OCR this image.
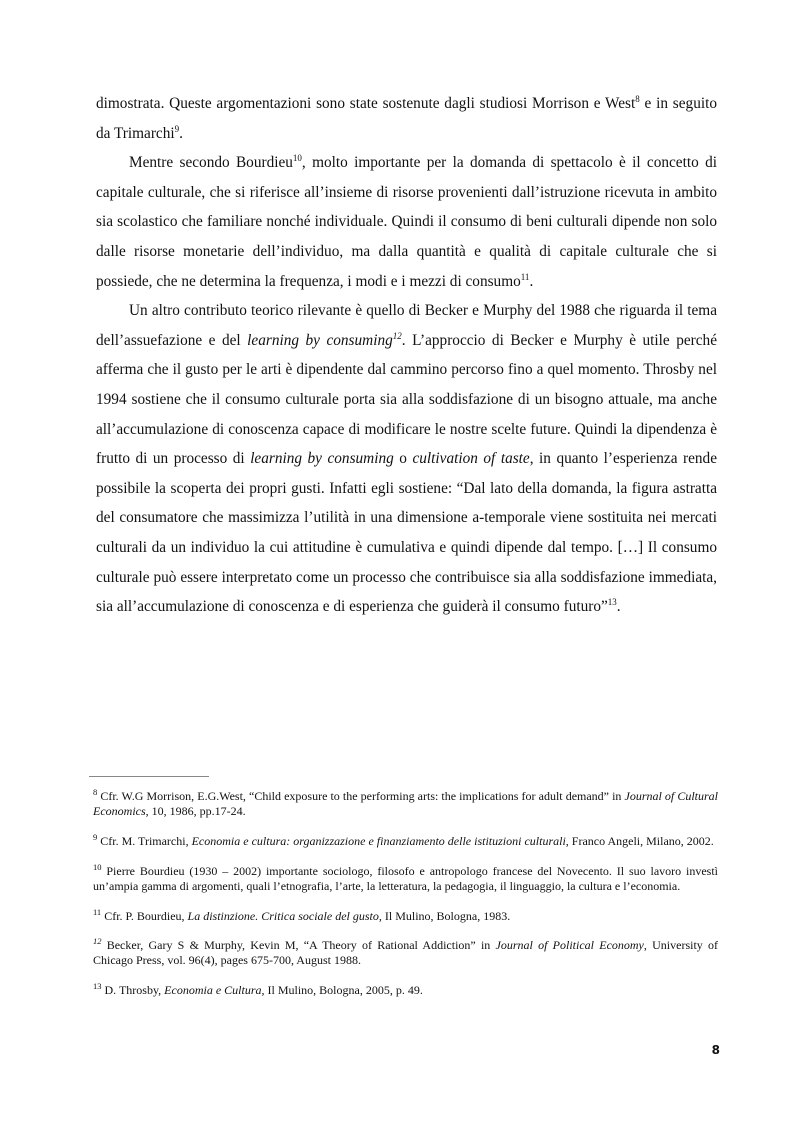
dimostrata. Queste argomentazioni sono state sostenute dagli studiosi Morrison e West$^8$ e in seguito da Trimarchi$^9$.

Mentre secondo Bourdieu$^{10}$, molto importante per la domanda di spettacolo è il concetto di capitale culturale, che si riferisce all’insieme di risorse provenienti dall’istruzione ricevuta in ambito sia scolastico che familiare nonché individuale. Quindi il consumo di beni culturali dipende non solo dalle risorse monetarie dell’individuo, ma dalla quantità e qualità di capitale culturale che si possiede, che ne determina la frequenza, i modi e i mezzi di consumo$^{11}$.

Un altro contributo teorico rilevante è quello di Becker e Murphy del 1988 che riguarda il tema dell’assuefazione e del learning by consuming$^{12}$. L’approccio di Becker e Murphy è utile perché afferma che il gusto per le arti è dipendente dal cammino percorso fino a quel momento. Throsby nel 1994 sostiene che il consumo culturale porta sia alla soddisfazione di un bisogno attuale, ma anche all’accumulazione di conoscenza capace di modificare le nostre scelte future. Quindi la dipendenza è frutto di un processo di learning by consuming o cultivation of taste, in quanto l’esperienza rende possibile la scoperta dei propri gusti. Infatti egli sostiene: “Dal lato della domanda, la figura astratta del consumatore che massimizza l’utilità in una dimensione a-temporale viene sostituita nei mercati culturali da un individuo la cui attitudine è cumulativa e quindi dipende dal tempo. […] Il consumo culturale può essere interpretato come un processo che contribuisce sia alla soddisfazione immediata, sia all’accumulazione di conoscenza e di esperienza che guiderà il consumo futuro”$^{13}$.

$^8$ Cfr. W.G Morrison, E.G.West, “Child exposure to the performing arts: the implications for adult demand” in Journal of Cultural Economics, 10, 1986, pp.17-24.

$^9$ Cfr. M. Trimarchi, Economia e cultura: organizzazione e finanziamento delle istituzioni culturali, Franco Angeli, Milano, 2002.

$^{10}$ Pierre Bourdieu (1930 – 2002) importante sociologo, filosofo e antropologo francese del Novecento. Il suo lavoro investì un’ampia gamma di argomenti, quali l’etnografia, l’arte, la letteratura, la pedagogia, il linguaggio, la cultura e l’economia.

$^{11}$ Cfr. P. Bourdieu, La distinzione. Critica sociale del gusto, Il Mulino, Bologna, 1983.

$^{12}$ Becker, Gary S & Murphy, Kevin M, “A Theory of Rational Addiction” in Journal of Political Economy, University of Chicago Press, vol. 96(4), pages 675-700, August 1988.

$^{13}$ D. Throsby, Economia e Cultura, Il Mulino, Bologna, 2005, p. 49.

8
